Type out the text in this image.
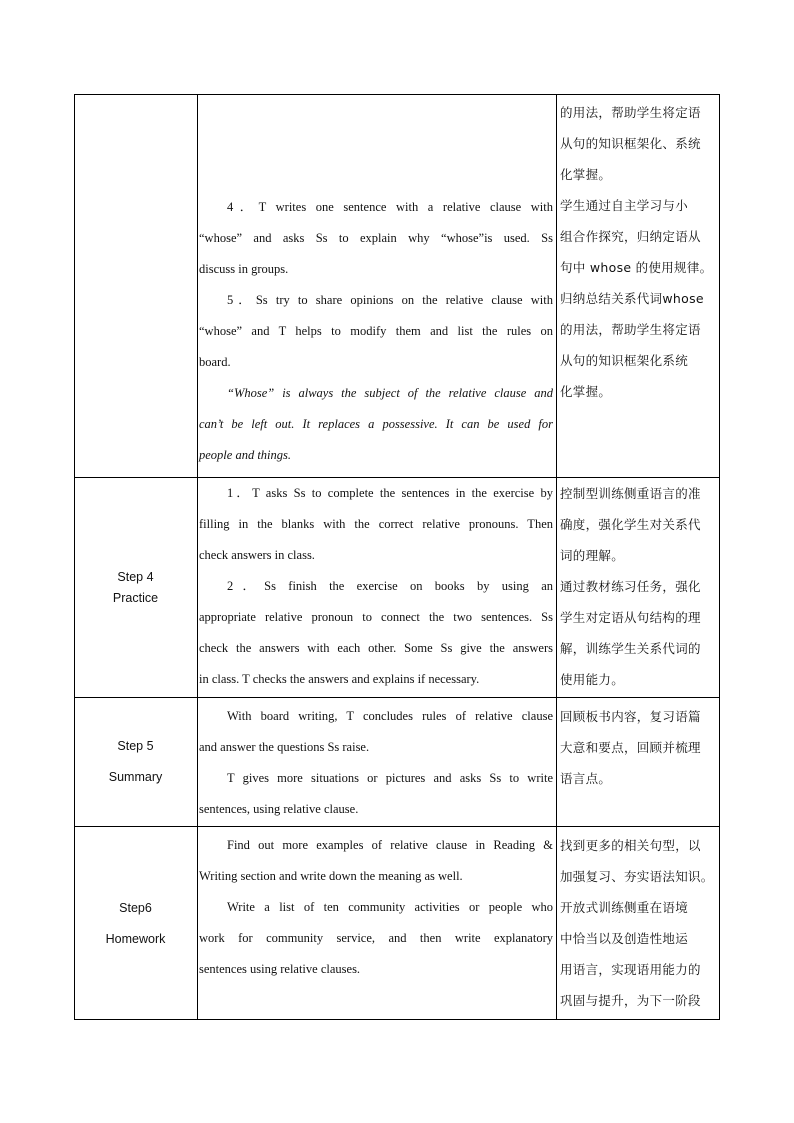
4．T writes one sentence with a relative clause with
“whose” and asks Ss to explain why “whose”is used. Ss
discuss in groups.
5．Ss try to share opinions on the relative clause with
“whose” and T helps to modify them and list the rules on
board.
“Whose” is always the subject of the relative clause and
can’t be left out. It replaces a possessive. It can be used for
people and things.
的用法，帮助学生将定语
从句的知识框架化、系统
化掌握。
学生通过自主学习与小
组合作探究，归纳定语从
句中 whose 的使用规律。
归纳总结关系代词whose
的用法，帮助学生将定语
从句的知识框架化系统
化掌握。
Step 4
Practice
1．T asks Ss to complete the sentences in the exercise by
filling in the blanks with the correct relative pronouns. Then
check answers in class.
2．Ss finish the exercise on books by using an
appropriate relative pronoun to connect the two sentences. Ss
check the answers with each other. Some Ss give the answers
in class. T checks the answers and explains if necessary.
控制型训练侧重语言的准
确度，强化学生对关系代
词的理解。
通过教材练习任务，强化
学生对定语从句结构的理
解，训练学生关系代词的
使用能力。
Step 5
Summary
With board writing, T concludes rules of relative clause
and answer the questions Ss raise.
T gives more situations or pictures and asks Ss to write
sentences, using relative clause.
回顾板书内容，复习语篇
大意和要点，回顾并梳理
语言点。
Step6
Homework
Find out more examples of relative clause in Reading &
Writing section and write down the meaning as well.
Write a list of ten community activities or people who
work for community service, and then write explanatory
sentences using relative clauses.
找到更多的相关句型，以
加强复习、夯实语法知识。
开放式训练侧重在语境
中恰当以及创造性地运
用语言，实现语用能力的
巩固与提升，为下一阶段
